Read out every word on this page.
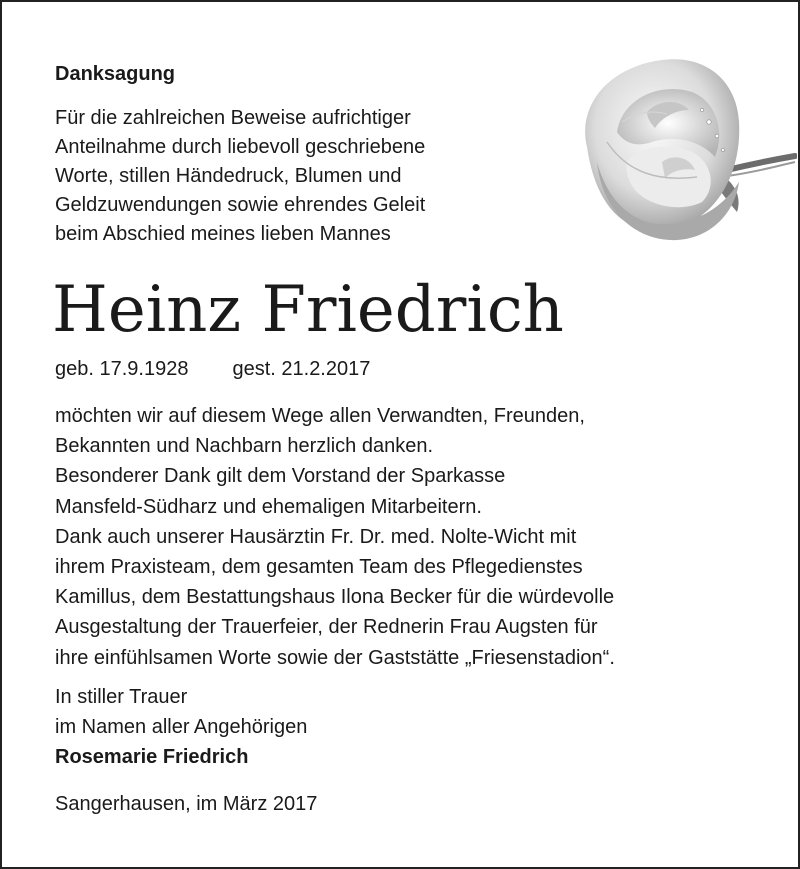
Danksagung

Für die zahlreichen Beweise aufrichtiger
Anteilnahme durch liebevoll geschriebene
Worte, stillen Händedruck, Blumen und
Geldzuwendungen sowie ehrendes Geleit
beim Abschied meines lieben Mannes

Heinz Friedrich
geb. 17.9.1928 gest. 21.2.2017

möchten wir auf diesem Wege allen Verwandten, Freunden,
Bekannten und Nachbarn herzlich danken.
Besonderer Dank gilt dem Vorstand der Sparkasse
Mansfeld-Südharz und ehemaligen Mitarbeitern.
Dank auch unserer Hausärztin Fr. Dr. med. Nolte-Wicht mit
ihrem Praxisteam, dem gesamten Team des Pflegedienstes
Kamillus, dem Bestattungshaus Ilona Becker für die würdevolle
Ausgestaltung der Trauerfeier, der Rednerin Frau Augsten für
ihre einfühlsamen Worte sowie der Gaststätte „Friesenstadion“.

In stiller Trauer
im Namen aller Angehörigen
Rosemarie Friedrich

Sangerhausen, im März 2017
